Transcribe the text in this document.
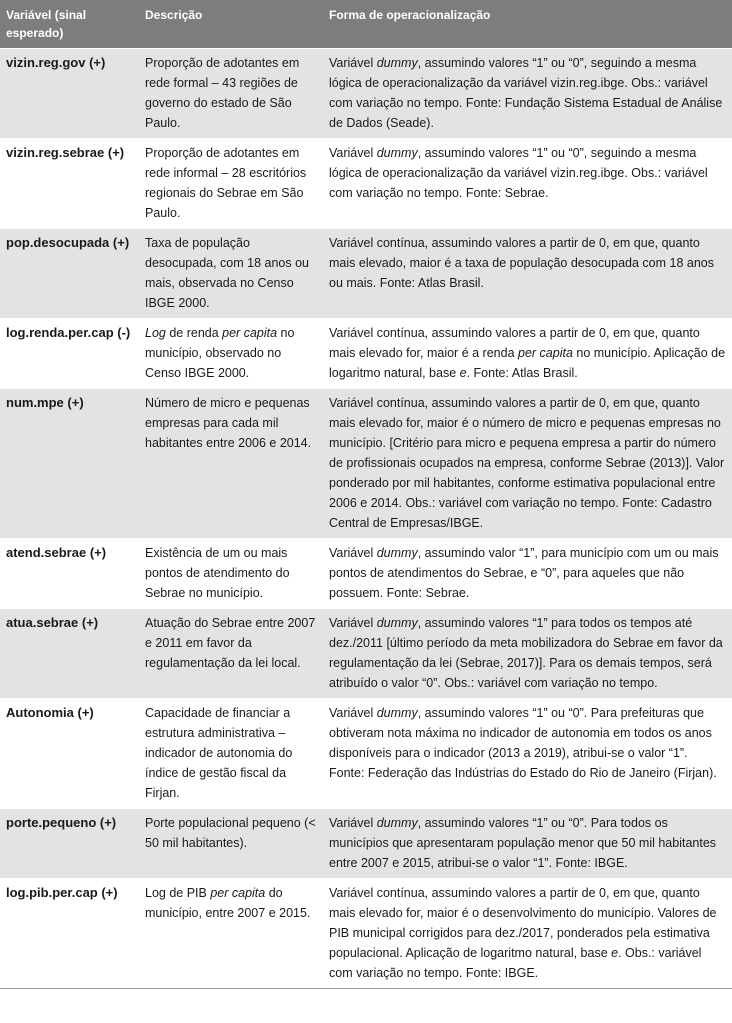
Variável (sinal esperado)	Descrição	Forma de operacionalização
vizin.reg.gov (+)	Proporção de adotantes em rede formal – 43 regiões de governo do estado de São Paulo.	Variável dummy, assumindo valores “1” ou “0”, seguindo a mesma lógica de operacionalização da variável vizin.reg.ibge. Obs.: variável com variação no tempo. Fonte: Fundação Sistema Estadual de Análise de Dados (Seade).
vizin.reg.sebrae (+)	Proporção de adotantes em rede informal – 28 escritórios regionais do Sebrae em São Paulo.	Variável dummy, assumindo valores “1” ou “0”, seguindo a mesma lógica de operacionalização da variável vizin.reg.ibge. Obs.: variável com variação no tempo. Fonte: Sebrae.
pop.desocupada (+)	Taxa de população desocupada, com 18 anos ou mais, observada no Censo IBGE 2000.	Variável contínua, assumindo valores a partir de 0, em que, quanto mais elevado, maior é a taxa de população desocupada com 18 anos ou mais. Fonte: Atlas Brasil.
log.renda.per.cap (-)	Log de renda per capita no município, observado no Censo IBGE 2000.	Variável contínua, assumindo valores a partir de 0, em que, quanto mais elevado for, maior é a renda per capita no município. Aplicação de logaritmo natural, base e. Fonte: Atlas Brasil.
num.mpe (+)	Número de micro e pequenas empresas para cada mil habitantes entre 2006 e 2014.	Variável contínua, assumindo valores a partir de 0, em que, quanto mais elevado for, maior é o número de micro e pequenas empresas no município. [Critério para micro e pequena empresa a partir do número de profissionais ocupados na empresa, conforme Sebrae (2013)]. Valor ponderado por mil habitantes, conforme estimativa populacional entre 2006 e 2014. Obs.: variável com variação no tempo. Fonte: Cadastro Central de Empresas/IBGE.
atend.sebrae (+)	Existência de um ou mais pontos de atendimento do Sebrae no município.	Variável dummy, assumindo valor “1”, para município com um ou mais pontos de atendimentos do Sebrae, e “0”, para aqueles que não possuem. Fonte: Sebrae.
atua.sebrae (+)	Atuação do Sebrae entre 2007 e 2011 em favor da regulamentação da lei local.	Variável dummy, assumindo valores “1” para todos os tempos até dez./2011 [último período da meta mobilizadora do Sebrae em favor da regulamentação da lei (Sebrae, 2017)]. Para os demais tempos, será atribuído o valor “0”. Obs.: variável com variação no tempo.
Autonomia (+)	Capacidade de financiar a estrutura administrativa – indicador de autonomia do índice de gestão fiscal da Firjan.	Variável dummy, assumindo valores “1” ou “0”. Para prefeituras que obtiveram nota máxima no indicador de autonomia em todos os anos disponíveis para o indicador (2013 a 2019), atribui-se o valor “1”. Fonte: Federação das Indústrias do Estado do Rio de Janeiro (Firjan).
porte.pequeno (+)	Porte populacional pequeno (< 50 mil habitantes).	Variável dummy, assumindo valores “1” ou “0”. Para todos os municípios que apresentaram população menor que 50 mil habitantes entre 2007 e 2015, atribui-se o valor “1”. Fonte: IBGE.
log.pib.per.cap (+)	Log de PIB per capita do município, entre 2007 e 2015.	Variável contínua, assumindo valores a partir de 0, em que, quanto mais elevado for, maior é o desenvolvimento do município. Valores de PIB municipal corrigidos para dez./2017, ponderados pela estimativa populacional. Aplicação de logaritmo natural, base e. Obs.: variável com variação no tempo. Fonte: IBGE.
